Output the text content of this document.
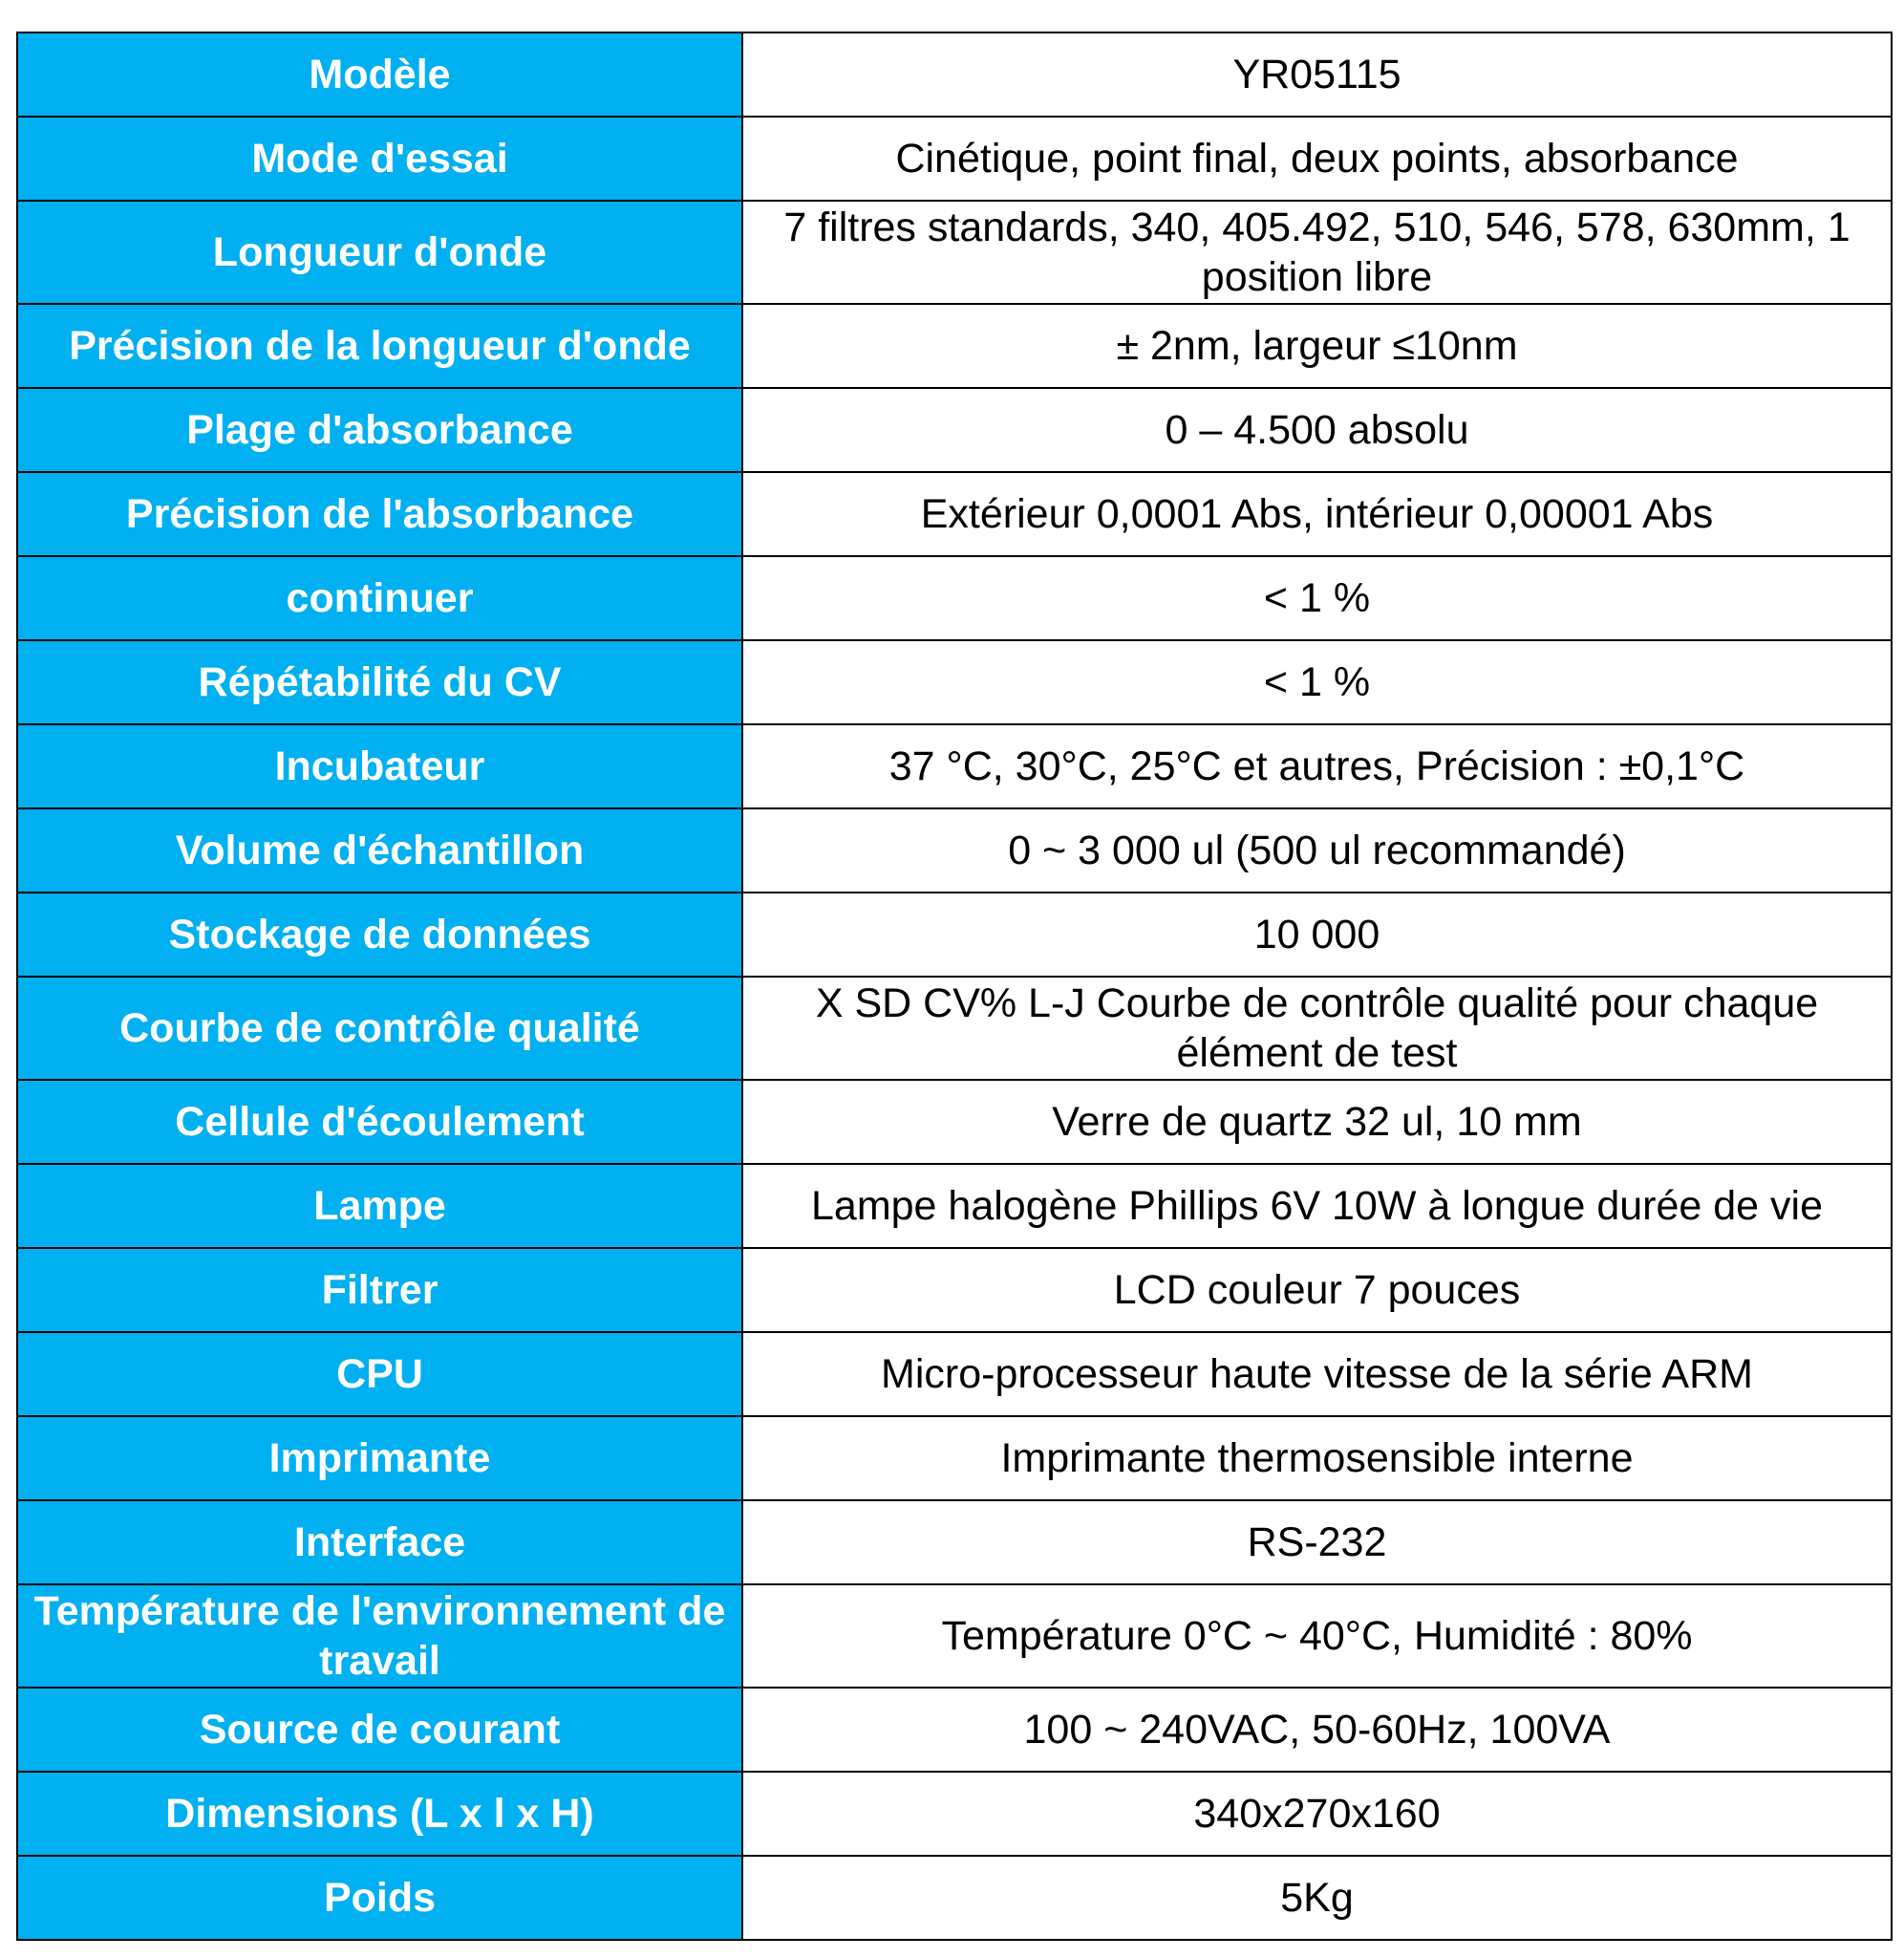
Modèle	YR05115
Mode d'essai	Cinétique, point final, deux points, absorbance
Longueur d'onde	7 filtres standards, 340, 405.492, 510, 546, 578, 630mm, 1 position libre
Précision de la longueur d'onde	± 2nm, largeur ≤10nm
Plage d'absorbance	0 – 4.500 absolu
Précision de l'absorbance	Extérieur 0,0001 Abs, intérieur 0,00001 Abs
continuer	< 1 %
Répétabilité du CV	< 1 %
Incubateur	37 °C, 30°C, 25°C et autres, Précision : ±0,1°C
Volume d'échantillon	0 ~ 3 000 ul (500 ul recommandé)
Stockage de données	10 000
Courbe de contrôle qualité	X SD CV% L-J Courbe de contrôle qualité pour chaque élément de test
Cellule d'écoulement	Verre de quartz 32 ul, 10 mm
Lampe	Lampe halogène Phillips 6V 10W à longue durée de vie
Filtrer	LCD couleur 7 pouces
CPU	Micro-processeur haute vitesse de la série ARM
Imprimante	Imprimante thermosensible interne
Interface	RS-232
Température de l'environnement de travail	Température 0°C ~ 40°C, Humidité : 80%
Source de courant	100 ~ 240VAC, 50-60Hz, 100VA
Dimensions (L x l x H)	340x270x160
Poids	5Kg
